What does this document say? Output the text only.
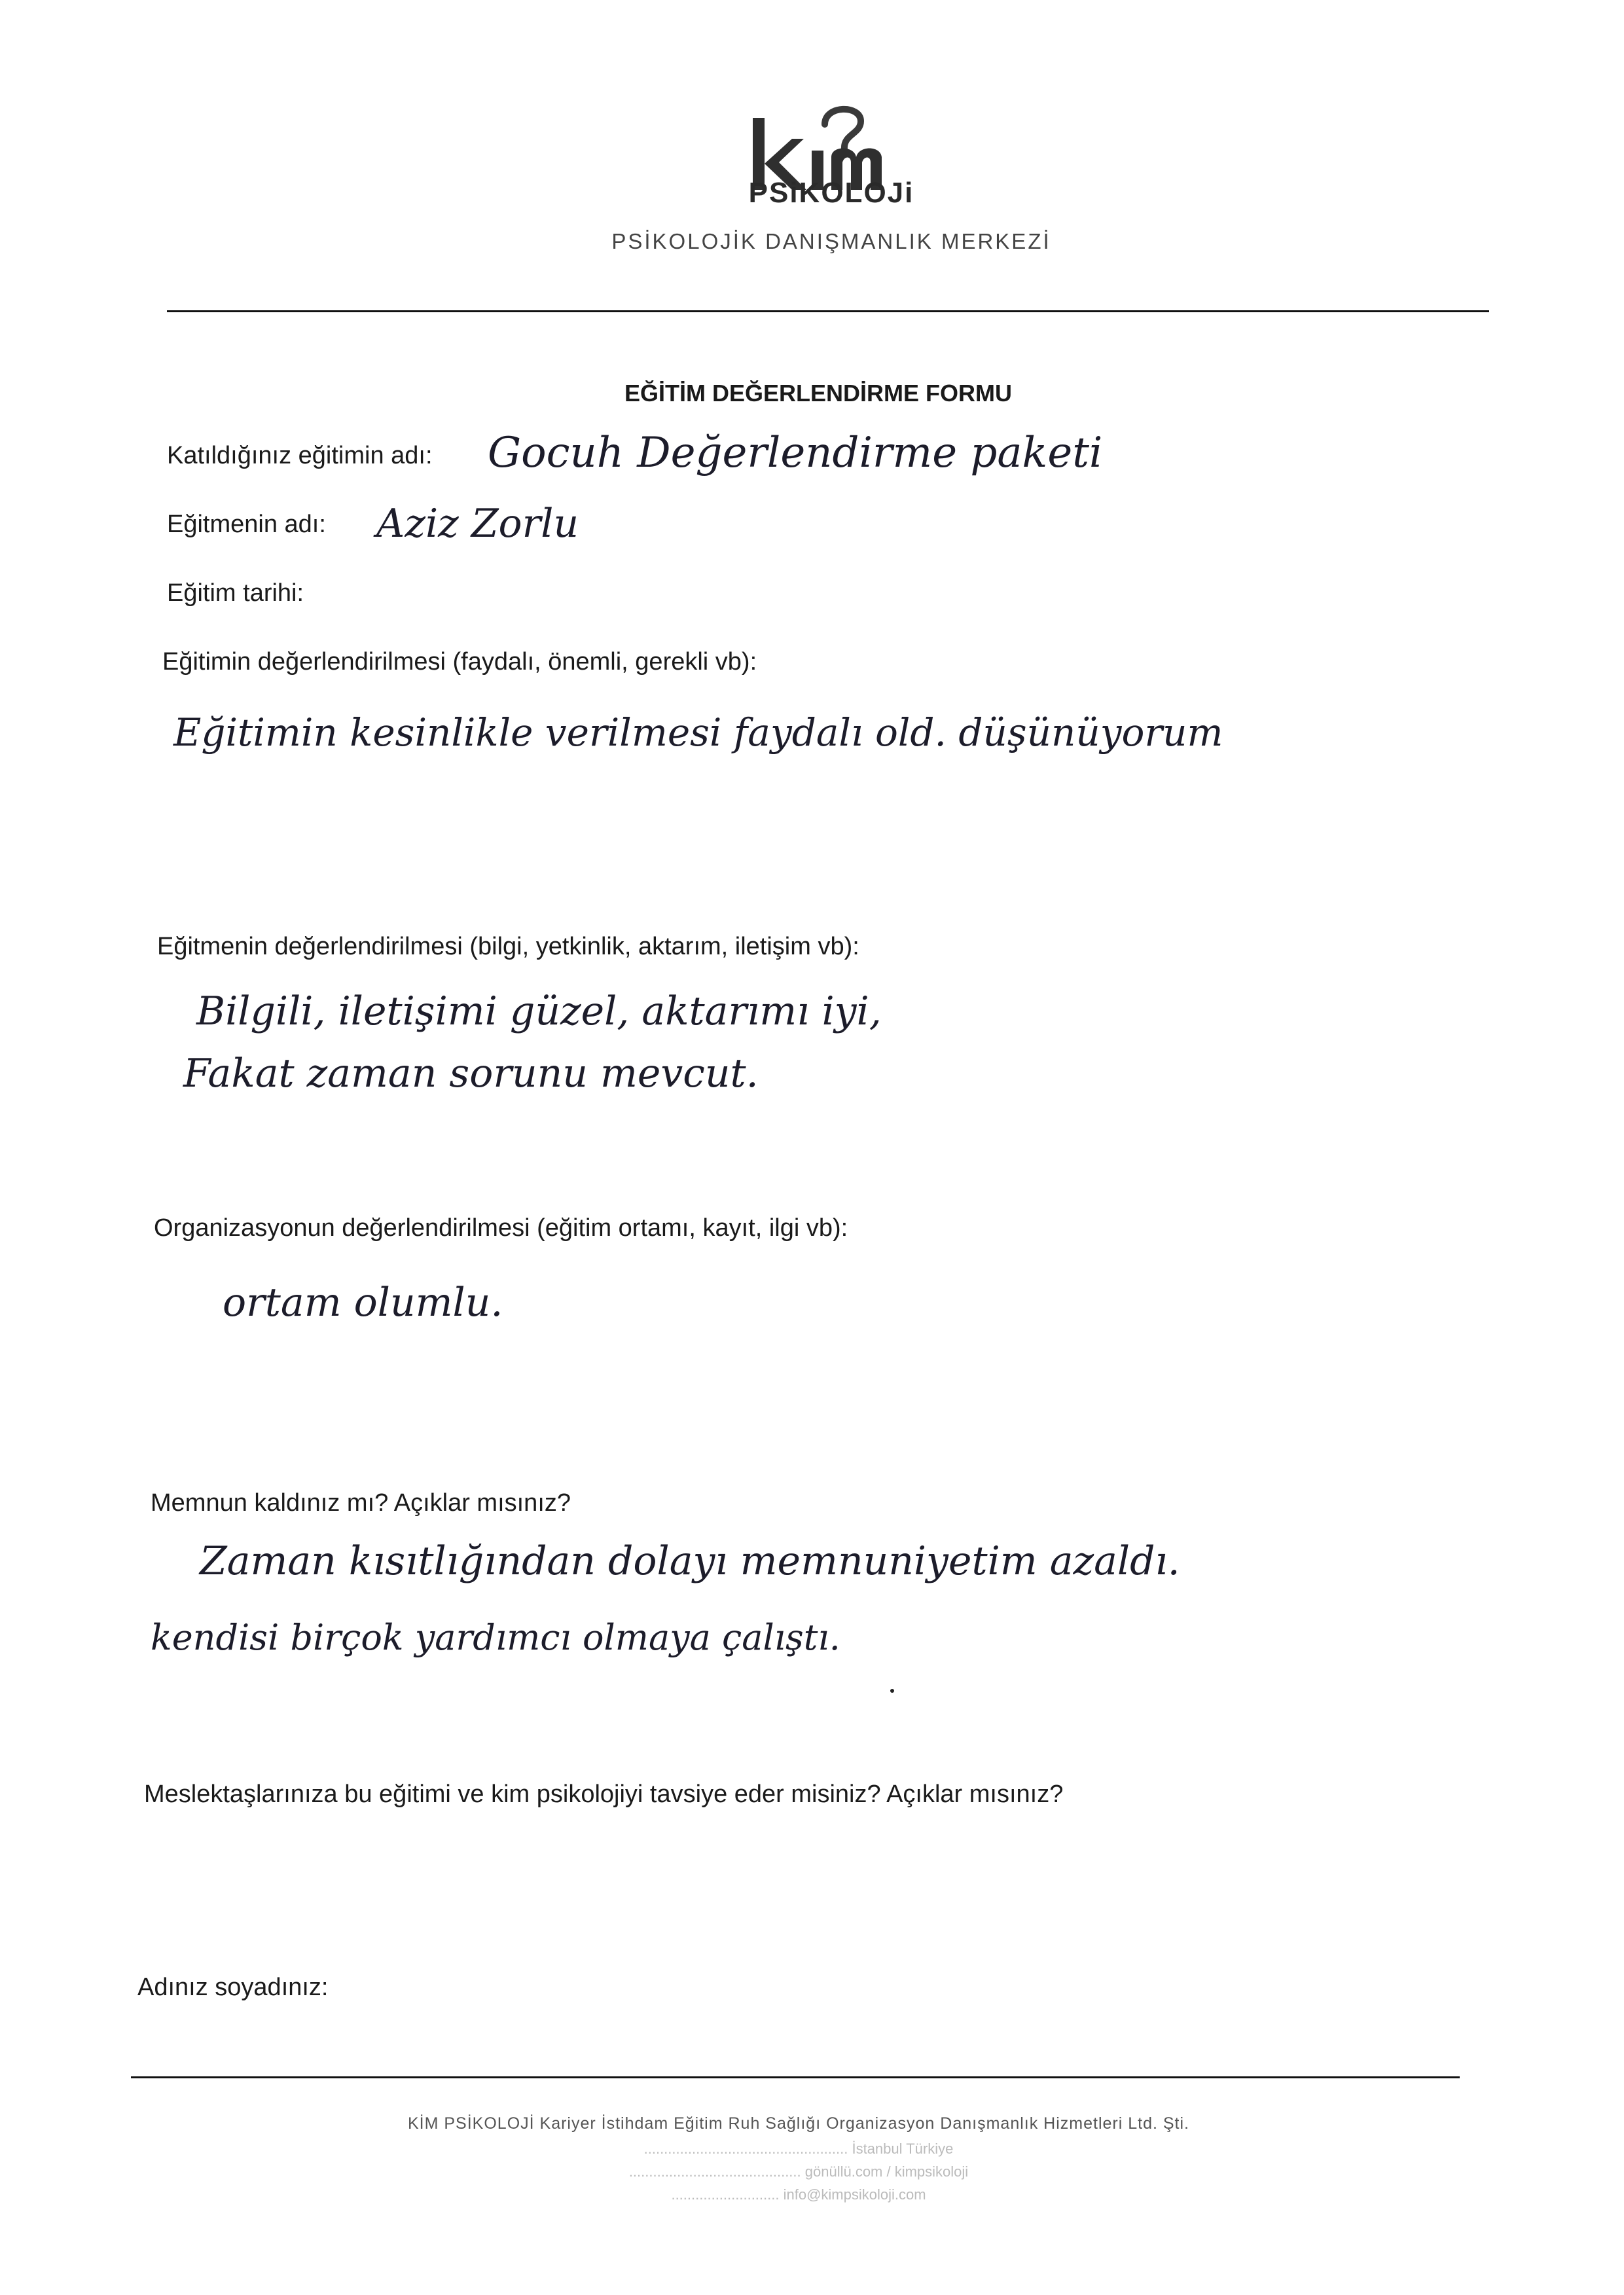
PSiKOLOJi
PSİKOLOJİK DANIŞMANLIK MERKEZİ
EĞİTİM DEĞERLENDİRME FORMU
Katıldığınız eğitimin adı: Gocuh Değerlendirme paketi
Eğitmenin adı: Aziz Zorlu
Eğitim tarihi:
Eğitimin değerlendirilmesi (faydalı, önemli, gerekli vb):
Eğitimin kesinlikle verilmesi faydalı old. düşünüyorum
Eğitmenin değerlendirilmesi (bilgi, yetkinlik, aktarım, iletişim vb):
Bilgili, iletişimi güzel, aktarımı iyi,
Fakat zaman sorunu mevcut.
Organizasyonun değerlendirilmesi (eğitim ortamı, kayıt, ilgi vb):
ortam olumlu.
Memnun kaldınız mı? Açıklar mısınız?
Zaman kısıtlığından dolayı memnuniyetim azaldı.
kendisi birçok yardımcı olmaya çalıştı.
Meslektaşlarınıza bu eğitimi ve kim psikolojiyi tavsiye eder misiniz? Açıklar mısınız?
Adınız soyadınız:
KİM PSİKOLOJİ Kariyer İstihdam Eğitim Ruh Sağlığı Organizasyon Danışmanlık Hizmetleri Ltd. Şti.
................................................... İstanbul Türkiye
........................................... gönüllü.com / kimpsikoloji
........................... info@kimpsikoloji.com
